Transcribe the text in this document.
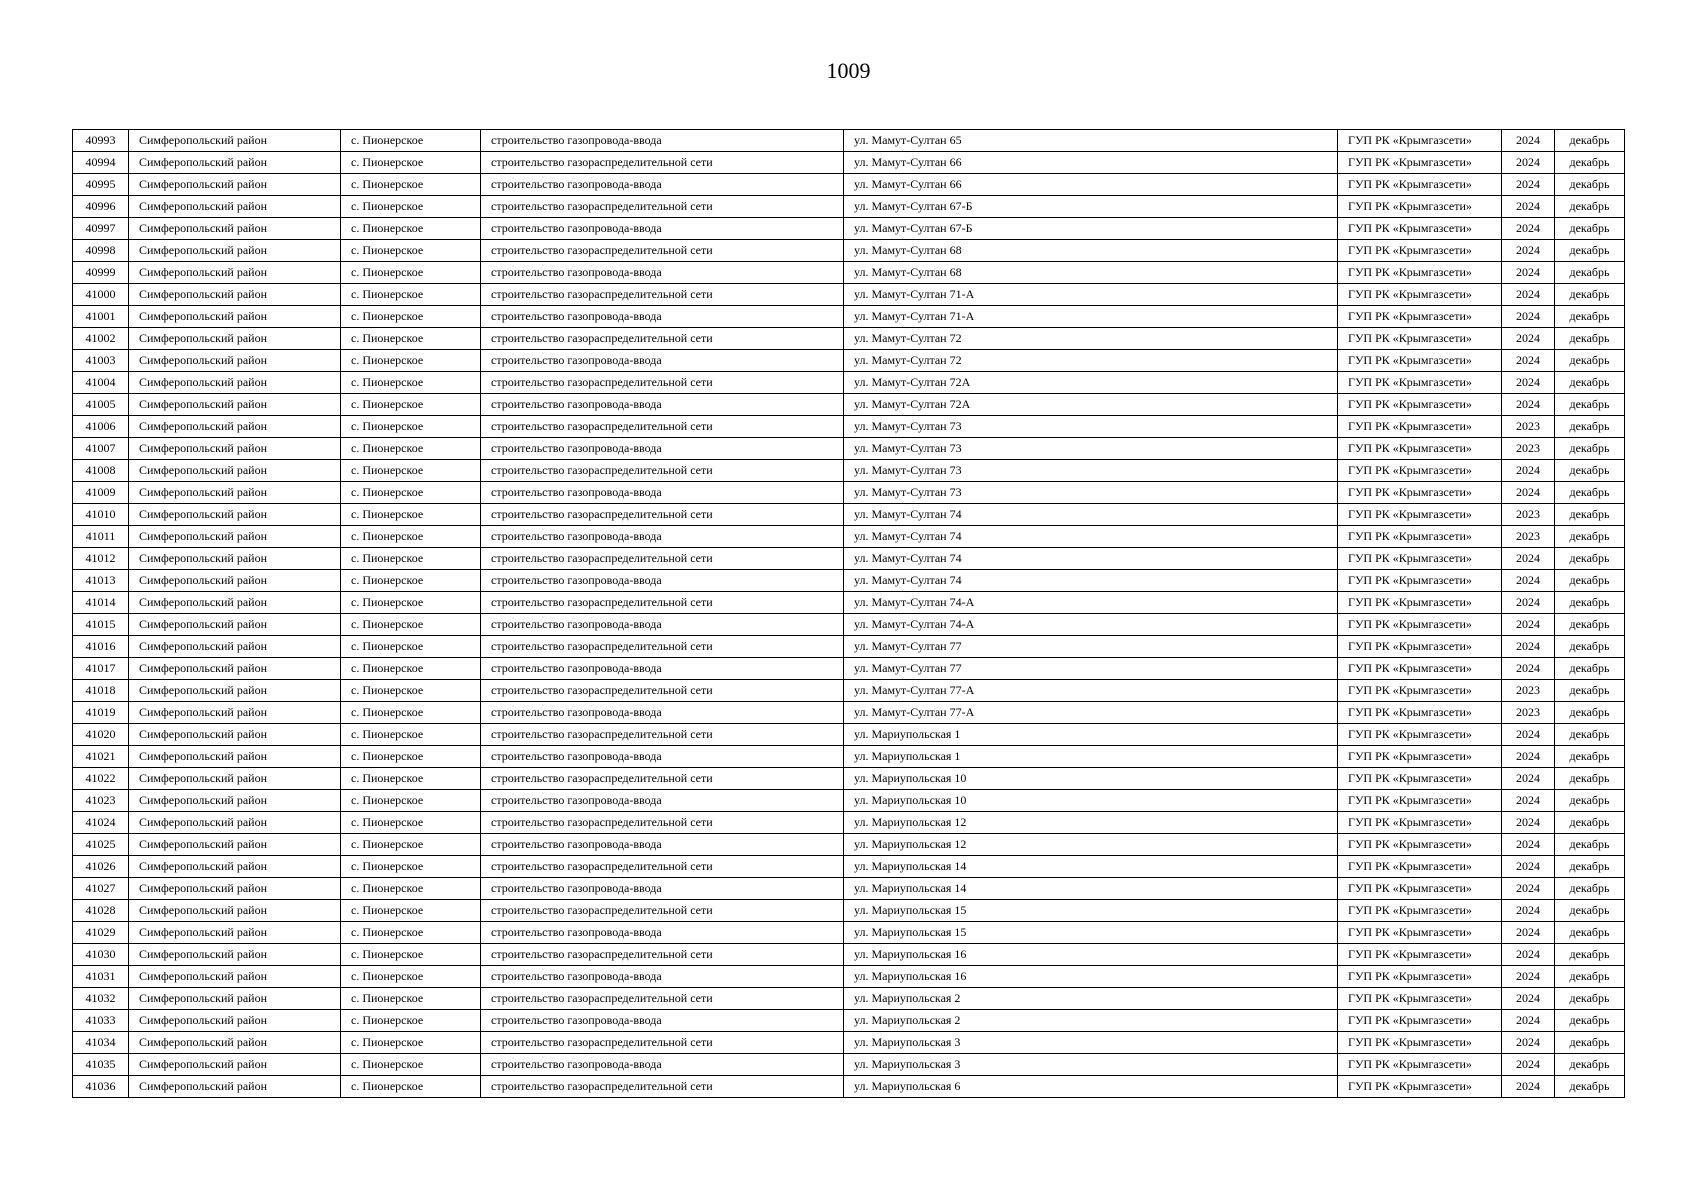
1009
40993	Симферопольский район	с. Пионерское	строительство газопровода-ввода	ул. Мамут-Султан 65	ГУП РК «Крымгазсети»	2024	декабрь
40994	Симферопольский район	с. Пионерское	строительство газораспределительной сети	ул. Мамут-Султан 66	ГУП РК «Крымгазсети»	2024	декабрь
40995	Симферопольский район	с. Пионерское	строительство газопровода-ввода	ул. Мамут-Султан 66	ГУП РК «Крымгазсети»	2024	декабрь
40996	Симферопольский район	с. Пионерское	строительство газораспределительной сети	ул. Мамут-Султан 67-Б	ГУП РК «Крымгазсети»	2024	декабрь
40997	Симферопольский район	с. Пионерское	строительство газопровода-ввода	ул. Мамут-Султан 67-Б	ГУП РК «Крымгазсети»	2024	декабрь
40998	Симферопольский район	с. Пионерское	строительство газораспределительной сети	ул. Мамут-Султан 68	ГУП РК «Крымгазсети»	2024	декабрь
40999	Симферопольский район	с. Пионерское	строительство газопровода-ввода	ул. Мамут-Султан 68	ГУП РК «Крымгазсети»	2024	декабрь
41000	Симферопольский район	с. Пионерское	строительство газораспределительной сети	ул. Мамут-Султан 71-А	ГУП РК «Крымгазсети»	2024	декабрь
41001	Симферопольский район	с. Пионерское	строительство газопровода-ввода	ул. Мамут-Султан 71-А	ГУП РК «Крымгазсети»	2024	декабрь
41002	Симферопольский район	с. Пионерское	строительство газораспределительной сети	ул. Мамут-Султан 72	ГУП РК «Крымгазсети»	2024	декабрь
41003	Симферопольский район	с. Пионерское	строительство газопровода-ввода	ул. Мамут-Султан 72	ГУП РК «Крымгазсети»	2024	декабрь
41004	Симферопольский район	с. Пионерское	строительство газораспределительной сети	ул. Мамут-Султан 72А	ГУП РК «Крымгазсети»	2024	декабрь
41005	Симферопольский район	с. Пионерское	строительство газопровода-ввода	ул. Мамут-Султан 72А	ГУП РК «Крымгазсети»	2024	декабрь
41006	Симферопольский район	с. Пионерское	строительство газораспределительной сети	ул. Мамут-Султан 73	ГУП РК «Крымгазсети»	2023	декабрь
41007	Симферопольский район	с. Пионерское	строительство газопровода-ввода	ул. Мамут-Султан 73	ГУП РК «Крымгазсети»	2023	декабрь
41008	Симферопольский район	с. Пионерское	строительство газораспределительной сети	ул. Мамут-Султан 73	ГУП РК «Крымгазсети»	2024	декабрь
41009	Симферопольский район	с. Пионерское	строительство газопровода-ввода	ул. Мамут-Султан 73	ГУП РК «Крымгазсети»	2024	декабрь
41010	Симферопольский район	с. Пионерское	строительство газораспределительной сети	ул. Мамут-Султан 74	ГУП РК «Крымгазсети»	2023	декабрь
41011	Симферопольский район	с. Пионерское	строительство газопровода-ввода	ул. Мамут-Султан 74	ГУП РК «Крымгазсети»	2023	декабрь
41012	Симферопольский район	с. Пионерское	строительство газораспределительной сети	ул. Мамут-Султан 74	ГУП РК «Крымгазсети»	2024	декабрь
41013	Симферопольский район	с. Пионерское	строительство газопровода-ввода	ул. Мамут-Султан 74	ГУП РК «Крымгазсети»	2024	декабрь
41014	Симферопольский район	с. Пионерское	строительство газораспределительной сети	ул. Мамут-Султан 74-А	ГУП РК «Крымгазсети»	2024	декабрь
41015	Симферопольский район	с. Пионерское	строительство газопровода-ввода	ул. Мамут-Султан 74-А	ГУП РК «Крымгазсети»	2024	декабрь
41016	Симферопольский район	с. Пионерское	строительство газораспределительной сети	ул. Мамут-Султан 77	ГУП РК «Крымгазсети»	2024	декабрь
41017	Симферопольский район	с. Пионерское	строительство газопровода-ввода	ул. Мамут-Султан 77	ГУП РК «Крымгазсети»	2024	декабрь
41018	Симферопольский район	с. Пионерское	строительство газораспределительной сети	ул. Мамут-Султан 77-А	ГУП РК «Крымгазсети»	2023	декабрь
41019	Симферопольский район	с. Пионерское	строительство газопровода-ввода	ул. Мамут-Султан 77-А	ГУП РК «Крымгазсети»	2023	декабрь
41020	Симферопольский район	с. Пионерское	строительство газораспределительной сети	ул. Мариупольская 1	ГУП РК «Крымгазсети»	2024	декабрь
41021	Симферопольский район	с. Пионерское	строительство газопровода-ввода	ул. Мариупольская 1	ГУП РК «Крымгазсети»	2024	декабрь
41022	Симферопольский район	с. Пионерское	строительство газораспределительной сети	ул. Мариупольская 10	ГУП РК «Крымгазсети»	2024	декабрь
41023	Симферопольский район	с. Пионерское	строительство газопровода-ввода	ул. Мариупольская 10	ГУП РК «Крымгазсети»	2024	декабрь
41024	Симферопольский район	с. Пионерское	строительство газораспределительной сети	ул. Мариупольская 12	ГУП РК «Крымгазсети»	2024	декабрь
41025	Симферопольский район	с. Пионерское	строительство газопровода-ввода	ул. Мариупольская 12	ГУП РК «Крымгазсети»	2024	декабрь
41026	Симферопольский район	с. Пионерское	строительство газораспределительной сети	ул. Мариупольская 14	ГУП РК «Крымгазсети»	2024	декабрь
41027	Симферопольский район	с. Пионерское	строительство газопровода-ввода	ул. Мариупольская 14	ГУП РК «Крымгазсети»	2024	декабрь
41028	Симферопольский район	с. Пионерское	строительство газораспределительной сети	ул. Мариупольская 15	ГУП РК «Крымгазсети»	2024	декабрь
41029	Симферопольский район	с. Пионерское	строительство газопровода-ввода	ул. Мариупольская 15	ГУП РК «Крымгазсети»	2024	декабрь
41030	Симферопольский район	с. Пионерское	строительство газораспределительной сети	ул. Мариупольская 16	ГУП РК «Крымгазсети»	2024	декабрь
41031	Симферопольский район	с. Пионерское	строительство газопровода-ввода	ул. Мариупольская 16	ГУП РК «Крымгазсети»	2024	декабрь
41032	Симферопольский район	с. Пионерское	строительство газораспределительной сети	ул. Мариупольская 2	ГУП РК «Крымгазсети»	2024	декабрь
41033	Симферопольский район	с. Пионерское	строительство газопровода-ввода	ул. Мариупольская 2	ГУП РК «Крымгазсети»	2024	декабрь
41034	Симферопольский район	с. Пионерское	строительство газораспределительной сети	ул. Мариупольская 3	ГУП РК «Крымгазсети»	2024	декабрь
41035	Симферопольский район	с. Пионерское	строительство газопровода-ввода	ул. Мариупольская 3	ГУП РК «Крымгазсети»	2024	декабрь
41036	Симферопольский район	с. Пионерское	строительство газораспределительной сети	ул. Мариупольская 6	ГУП РК «Крымгазсети»	2024	декабрь
